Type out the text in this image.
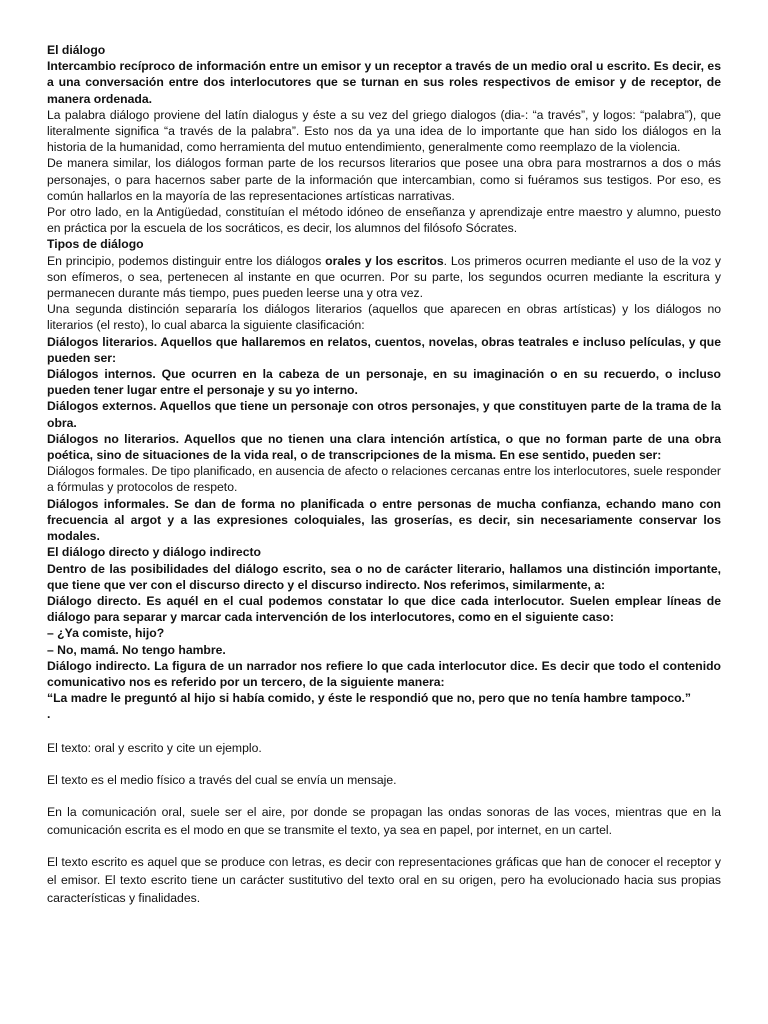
El diálogo

Intercambio recíproco de información entre un emisor y un receptor a través de un medio oral u escrito. Es decir, es a una conversación entre dos interlocutores que se turnan en sus roles respectivos de emisor y de receptor, de manera ordenada.

La palabra diálogo proviene del latín dialogus y éste a su vez del griego dialogos (dia-: “a través”, y logos: “palabra”), que literalmente significa “a través de la palabra”. Esto nos da ya una idea de lo importante que han sido los diálogos en la historia de la humanidad, como herramienta del mutuo entendimiento, generalmente como reemplazo de la violencia.

De manera similar, los diálogos forman parte de los recursos literarios que posee una obra para mostrarnos a dos o más personajes, o para hacernos saber parte de la información que intercambian, como si fuéramos sus testigos. Por eso, es común hallarlos en la mayoría de las representaciones artísticas narrativas.

Por otro lado, en la Antigüedad, constituían el método idóneo de enseñanza y aprendizaje entre maestro y alumno, puesto en práctica por la escuela de los socráticos, es decir, los alumnos del filósofo Sócrates.

Tipos de diálogo

En principio, podemos distinguir entre los diálogos orales y los escritos. Los primeros ocurren mediante el uso de la voz y son efímeros, o sea, pertenecen al instante en que ocurren. Por su parte, los segundos ocurren mediante la escritura y permanecen durante más tiempo, pues pueden leerse una y otra vez.

Una segunda distinción separaría los diálogos literarios (aquellos que aparecen en obras artísticas) y los diálogos no literarios (el resto), lo cual abarca la siguiente clasificación:

Diálogos literarios. Aquellos que hallaremos en relatos, cuentos, novelas, obras teatrales e incluso películas, y que pueden ser:

Diálogos internos. Que ocurren en la cabeza de un personaje, en su imaginación o en su recuerdo, o incluso pueden tener lugar entre el personaje y su yo interno.

Diálogos externos. Aquellos que tiene un personaje con otros personajes, y que constituyen parte de la trama de la obra.

Diálogos no literarios. Aquellos que no tienen una clara intención artística, o que no forman parte de una obra poética, sino de situaciones de la vida real, o de transcripciones de la misma. En ese sentido, pueden ser:

Diálogos formales. De tipo planificado, en ausencia de afecto o relaciones cercanas entre los interlocutores, suele responder a fórmulas y protocolos de respeto.

Diálogos informales. Se dan de forma no planificada o entre personas de mucha confianza, echando mano con frecuencia al argot y a las expresiones coloquiales, las groserías, es decir, sin necesariamente conservar los modales.

El diálogo directo y diálogo indirecto

Dentro de las posibilidades del diálogo escrito, sea o no de carácter literario, hallamos una distinción importante, que tiene que ver con el discurso directo y el discurso indirecto. Nos referimos, similarmente, a:

Diálogo directo. Es aquél en el cual podemos constatar lo que dice cada interlocutor. Suelen emplear líneas de diálogo para separar y marcar cada intervención de los interlocutores, como en el siguiente caso:

– ¿Ya comiste, hijo?

– No, mamá. No tengo hambre.

Diálogo indirecto. La figura de un narrador nos refiere lo que cada interlocutor dice. Es decir que todo el contenido comunicativo nos es referido por un tercero, de la siguiente manera:

“La madre le preguntó al hijo si había comido, y éste le respondió que no, pero que no tenía hambre tampoco.”

.

El texto: oral y escrito y cite un ejemplo.

El texto es el medio físico a través del cual se envía un mensaje.

En la comunicación oral, suele ser el aire, por donde se propagan las ondas sonoras de las voces, mientras que en la comunicación escrita es el modo en que se transmite el texto, ya sea en papel, por internet, en un cartel.

El texto escrito es aquel que se produce con letras, es decir con representaciones gráficas que han de conocer el receptor y el emisor. El texto escrito tiene un carácter sustitutivo del texto oral en su origen, pero ha evolucionado hacia sus propias características y finalidades.
